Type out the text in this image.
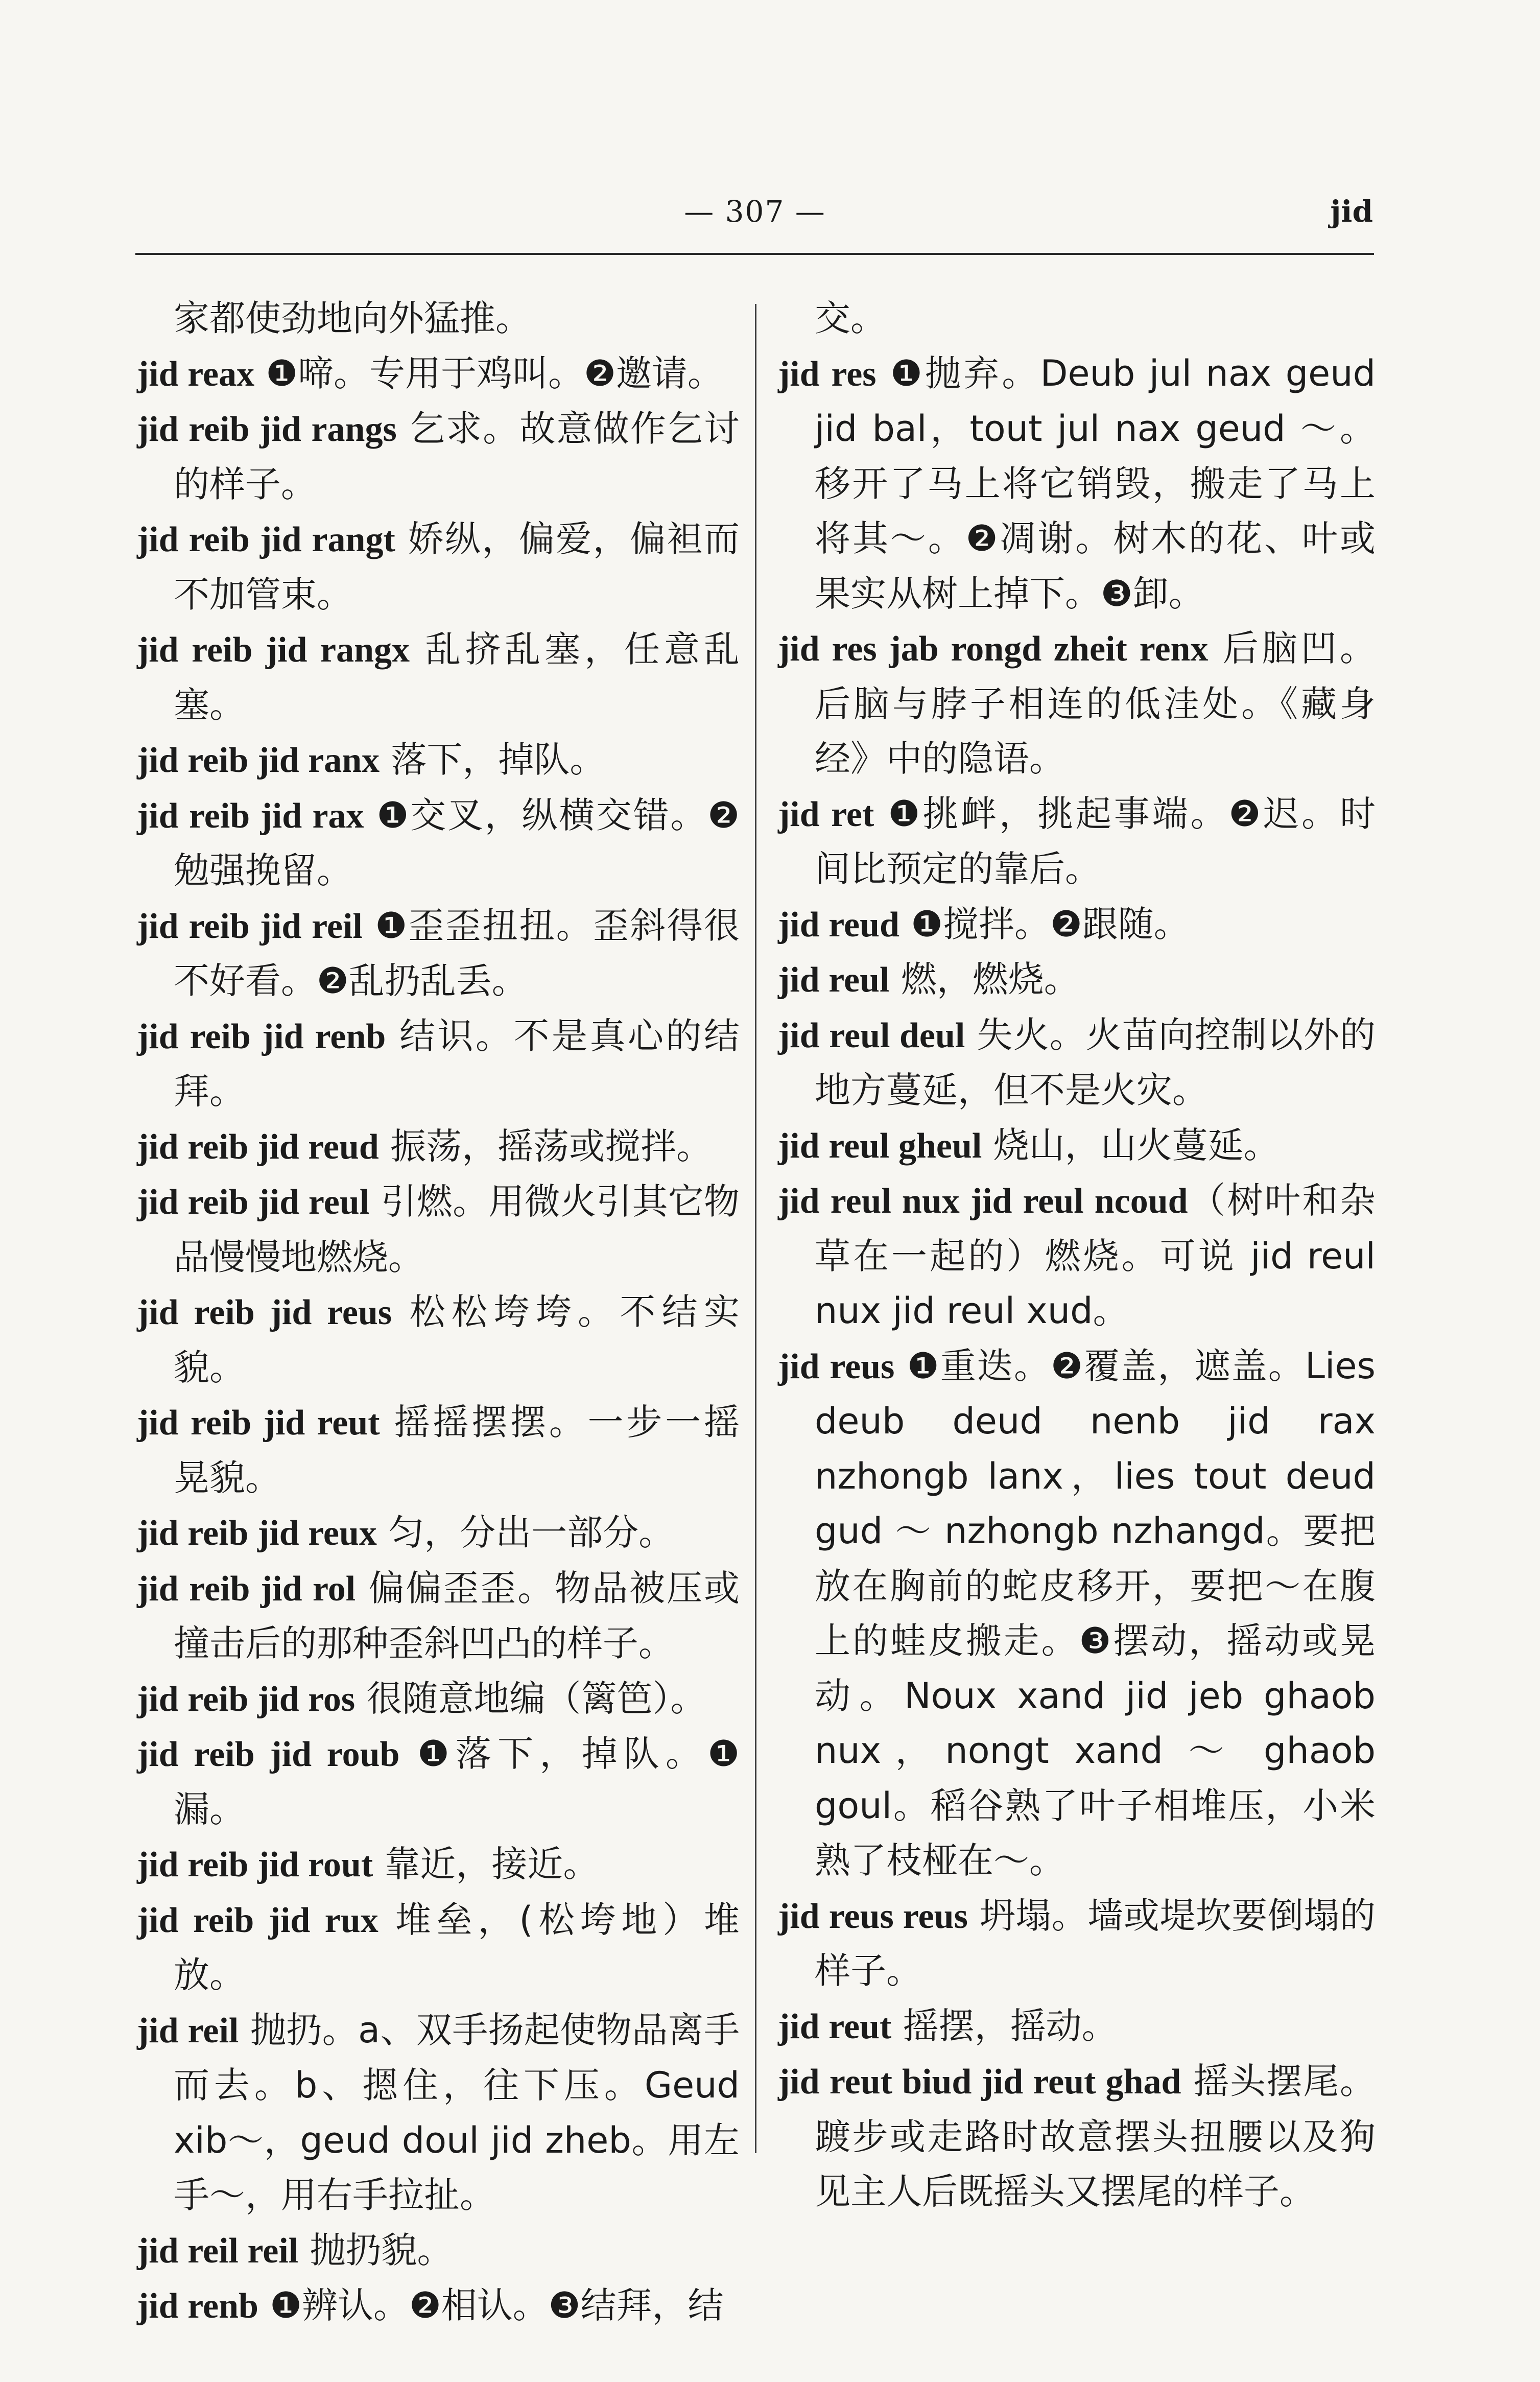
— 307 —	jid

家都使劲地向外猛推。

jid reax ❶啼。专用于鸡叫。❷邀请。

jid reib jid rangs 乞求。故意做作乞讨的样子。

jid reib jid rangt 娇纵，偏爱，偏袒而不加管束。

jid reib jid rangx 乱挤乱塞，任意乱塞。

jid reib jid ranx 落下，掉队。

jid reib jid rax ❶交叉，纵横交错。❷勉强挽留。

jid reib jid reil ❶歪歪扭扭。歪斜得很不好看。❷乱扔乱丢。

jid reib jid renb 结识。不是真心的结拜。

jid reib jid reud 振荡，摇荡或搅拌。

jid reib jid reul 引燃。用微火引其它物品慢慢地燃烧。

jid reib jid reus 松松垮垮。不结实貌。

jid reib jid reut 摇摇摆摆。一步一摇晃貌。

jid reib jid reux 匀，分出一部分。

jid reib jid rol 偏偏歪歪。物品被压或撞击后的那种歪斜凹凸的样子。

jid reib jid ros 很随意地编（篱笆）。

jid reib jid roub ❶落下，掉队。❶漏。

jid reib jid rout 靠近，接近。

jid reib jid rux 堆垒，(松垮地）堆放。

jid reil 抛扔。a、双手扬起使物品离手而去。b、摁住，往下压。Geud xib～，geud doul jid zheb。用左手～，用右手拉扯。

jid reil reil 抛扔貌。

jid renb ❶辨认。❷相认。❸结拜，结

交。

jid res ❶抛弃。Deub jul nax geud jid bal，tout jul nax geud ～。移开了马上将它销毁，搬走了马上将其～。❷凋谢。树木的花、叶或果实从树上掉下。❸卸。

jid res jab rongd zheit renx 后脑凹。后脑与脖子相连的低洼处。《藏身经》中的隐语。

jid ret ❶挑衅，挑起事端。❷迟。时间比预定的靠后。

jid reud ❶搅拌。❷跟随。

jid reul 燃，燃烧。

jid reul deul 失火。火苗向控制以外的地方蔓延，但不是火灾。

jid reul gheul 烧山，山火蔓延。

jid reul nux jid reul ncoud（树叶和杂草在一起的）燃烧。可说 jid reul nux jid reul xud。

jid reus ❶重迭。❷覆盖，遮盖。Lies deub deud nenb jid rax nzhongb lanx，lies tout deud gud ～ nzhongb nzhangd。要把放在胸前的蛇皮移开，要把～在腹上的蛙皮搬走。❸摆动，摇动或晃动。Noux xand jid jeb ghaob nux，nongt xand ～ ghaob goul。稻谷熟了叶子相堆压，小米熟了枝桠在～。

jid reus reus 坍塌。墙或堤坎要倒塌的样子。

jid reut 摇摆，摇动。

jid reut biud jid reut ghad 摇头摆尾。踱步或走路时故意摆头扭腰以及狗见主人后既摇头又摆尾的样子。
